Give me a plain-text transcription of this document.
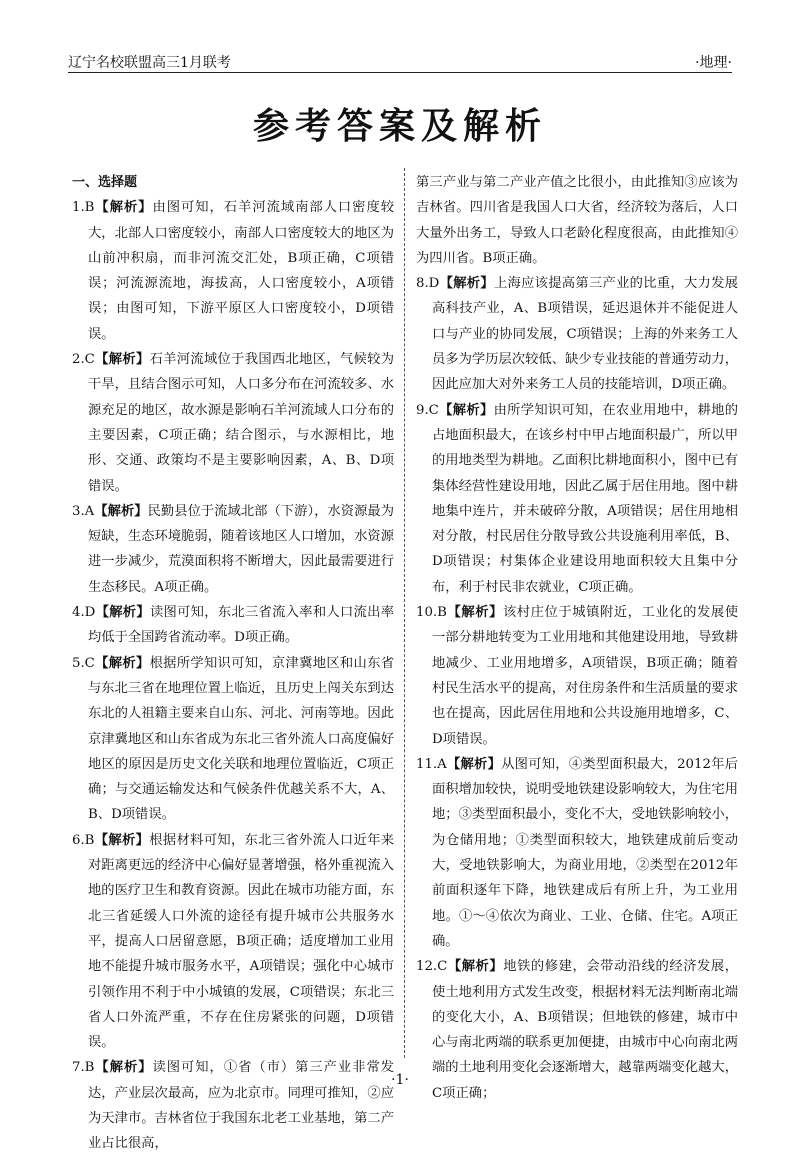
辽宁名校联盟高三1月联考	·地理·
参考答案及解析
一、选择题

1.B【解析】由图可知，石羊河流域南部人口密度较大，北部人口密度较小，南部人口密度较大的地区为山前冲积扇，而非河流交汇处，B项正确，C项错误；河流源流地，海拔高，人口密度较小，A项错误；由图可知，下游平原区人口密度较小，D项错误。

2.C【解析】石羊河流域位于我国西北地区，气候较为干旱，且结合图示可知，人口多分布在河流较多、水源充足的地区，故水源是影响石羊河流域人口分布的主要因素，C项正确；结合图示，与水源相比，地形、交通、政策均不是主要影响因素，A、B、D项错误。

3.A【解析】民勤县位于流域北部（下游），水资源最为短缺，生态环境脆弱，随着该地区人口增加，水资源进一步减少，荒漠面积将不断增大，因此最需要进行生态移民。A项正确。

4.D【解析】读图可知，东北三省流入率和人口流出率均低于全国跨省流动率。D项正确。

5.C【解析】根据所学知识可知，京津冀地区和山东省与东北三省在地理位置上临近，且历史上闯关东到达东北的人祖籍主要来自山东、河北、河南等地。因此京津冀地区和山东省成为东北三省外流人口高度偏好地区的原因是历史文化关联和地理位置临近，C项正确；与交通运输发达和气候条件优越关系不大，A、B、D项错误。

6.B【解析】根据材料可知，东北三省外流人口近年来对距离更远的经济中心偏好显著增强，格外重视流入地的医疗卫生和教育资源。因此在城市功能方面，东北三省延缓人口外流的途径有提升城市公共服务水平，提高人口居留意愿，B项正确；适度增加工业用地不能提升城市服务水平，A项错误；强化中心城市引领作用不利于中小城镇的发展，C项错误；东北三省人口外流严重，不存在住房紧张的问题，D项错误。

7.B【解析】读图可知，①省（市）第三产业非常发达，产业层次最高，应为北京市。同理可推知，②应为天津市。吉林省位于我国东北老工业基地，第二产业占比很高，

第三产业与第二产业产值之比很小，由此推知③应该为吉林省。四川省是我国人口大省，经济较为落后，人口大量外出务工，导致人口老龄化程度很高，由此推知④为四川省。B项正确。

8.D【解析】上海应该提高第三产业的比重，大力发展高科技产业，A、B项错误，延迟退休并不能促进人口与产业的协同发展，C项错误；上海的外来务工人员多为学历层次较低、缺少专业技能的普通劳动力，因此应加大对外来务工人员的技能培训，D项正确。

9.C【解析】由所学知识可知，在农业用地中，耕地的占地面积最大，在该乡村中甲占地面积最广，所以甲的用地类型为耕地。乙面积比耕地面积小，图中已有集体经营性建设用地，因此乙属于居住用地。图中耕地集中连片，并未破碎分散，A项错误；居住用地相对分散，村民居住分散导致公共设施利用率低，B、D项错误；村集体企业建设用地面积较大且集中分布，利于村民非农就业，C项正确。

10.B【解析】该村庄位于城镇附近，工业化的发展使一部分耕地转变为工业用地和其他建设用地，导致耕地减少、工业用地增多，A项错误，B项正确；随着村民生活水平的提高，对住房条件和生活质量的要求也在提高，因此居住用地和公共设施用地增多，C、D项错误。

11.A【解析】从图可知，④类型面积最大，2012年后面积增加较快，说明受地铁建设影响较大，为住宅用地；③类型面积最小，变化不大，受地铁影响较小，为仓储用地；①类型面积较大，地铁建成前后变动大，受地铁影响大，为商业用地，②类型在2012年前面积逐年下降，地铁建成后有所上升，为工业用地。①～④依次为商业、工业、仓储、住宅。A项正确。

12.C【解析】地铁的修建，会带动沿线的经济发展，使土地利用方式发生改变，根据材料无法判断南北端的变化大小，A、B项错误；但地铁的修建，城市中心与南北两端的联系更加便捷，由城市中心向南北两端的土地利用变化会逐渐增大，越靠两端变化越大，C项正确；

·1·
